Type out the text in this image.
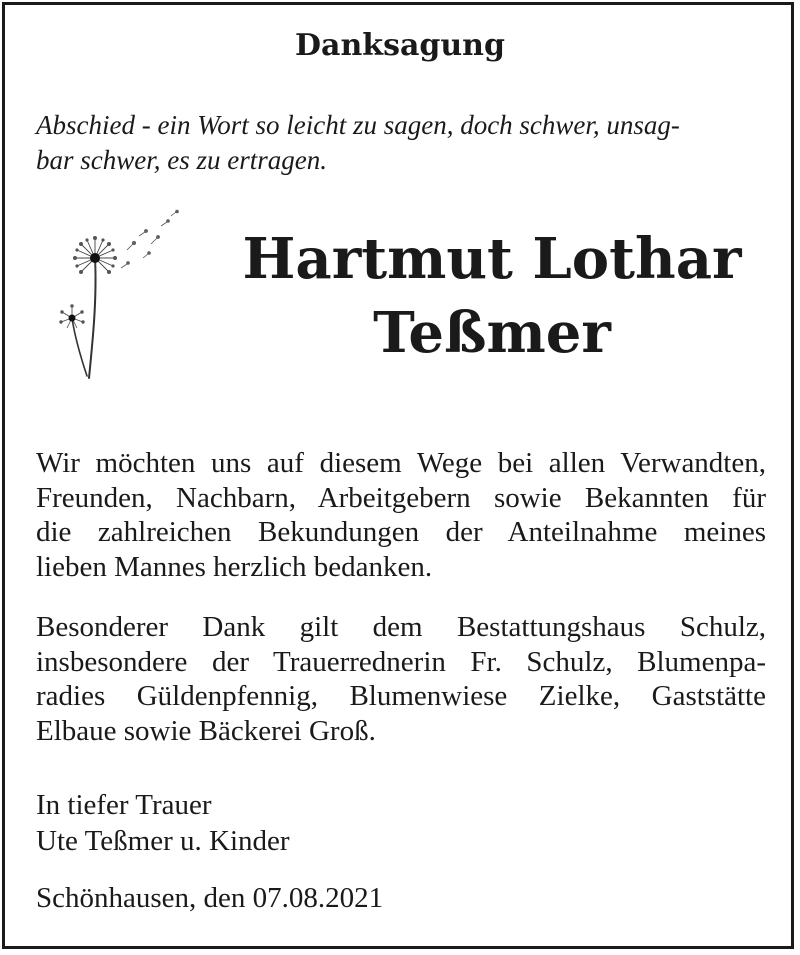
Danksagung
Abschied - ein Wort so leicht zu sagen, doch schwer, unsag-
bar schwer, es zu ertragen.
Hartmut Lothar
Teßmer
Wir möchten uns auf diesem Wege bei allen Verwandten,
Freunden, Nachbarn, Arbeitgebern sowie Bekannten für
die zahlreichen Bekundungen der Anteilnahme meines
lieben Mannes herzlich bedanken.
Besonderer Dank gilt dem Bestattungshaus Schulz,
insbesondere der Trauerrednerin Fr. Schulz, Blumenpa-
radies Güldenpfennig, Blumenwiese Zielke, Gaststätte
Elbaue sowie Bäckerei Groß.
In tiefer Trauer
Ute Teßmer u. Kinder
Schönhausen, den 07.08.2021
